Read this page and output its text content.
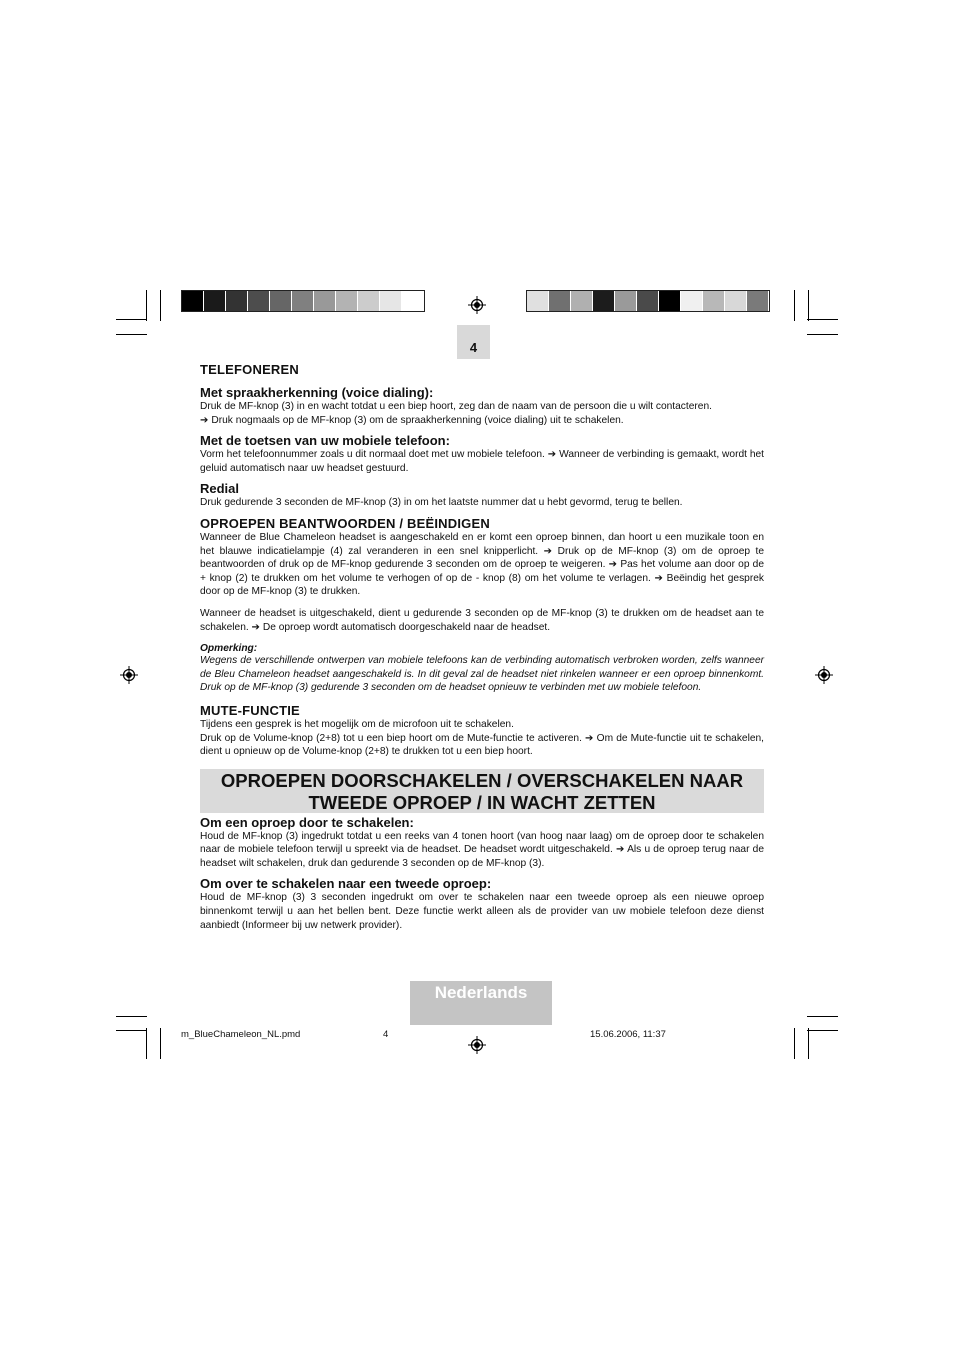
4
TELEFONEREN
Met spraakherkenning (voice dialing):

Druk de MF-knop (3) in en wacht totdat u een biep hoort, zeg dan de naam van de persoon die u wilt contacteren.

➔ Druk nogmaals op de MF-knop (3) om de spraakherkenning (voice dialing) uit te schakelen.

Met de toetsen van uw mobiele telefoon:

Vorm het telefoonnummer zoals u dit normaal doet met uw mobiele telefoon. ➔ Wanneer de verbinding is gemaakt, wordt het geluid automatisch naar uw headset gestuurd.

Redial

Druk gedurende 3 seconden de MF-knop (3) in om het laatste nummer dat u hebt gevormd, terug te bellen.

OPROEPEN BEANTWOORDEN / BEËINDIGEN

Wanneer de Blue Chameleon headset is aangeschakeld en er komt een oproep binnen, dan hoort u een muzikale toon en het blauwe indicatielampje (4) zal veranderen in een snel knipperlicht. ➔ Druk op de MF-knop (3) om de oproep te beantwoorden of druk op de MF-knop gedurende 3 seconden om de oproep te weigeren. ➔ Pas het volume aan door op de + knop (2) te drukken om het volume te verhogen of op de - knop (8) om het volume te verlagen. ➔ Beëindig het gesprek door op de MF-knop (3) te drukken.

Wanneer de headset is uitgeschakeld, dient u gedurende 3 seconden op de MF-knop (3) te drukken om de headset aan te schakelen. ➔ De oproep wordt automatisch doorgeschakeld naar de headset.

Opmerking:

Wegens de verschillende ontwerpen van mobiele telefoons kan de verbinding automatisch verbroken worden, zelfs wanneer de Bleu Chameleon headset aangeschakeld is. In dit geval zal de headset niet rinkelen wanneer er een oproep binnenkomt. Druk op de MF-knop (3) gedurende 3 seconden om de headset opnieuw te verbinden met uw mobiele telefoon.

MUTE-FUNCTIE

Tijdens een gesprek is het mogelijk om de microfoon uit te schakelen.

Druk op de Volume-knop (2+8) tot u een biep hoort om de Mute-functie te activeren. ➔ Om de Mute-functie uit te schakelen, dient u opnieuw op de Volume-knop (2+8) te drukken tot u een biep hoort.

OPROEPEN DOORSCHAKELEN / OVERSCHAKELEN NAAR
TWEEDE OPROEP / IN WACHT ZETTEN
Om een oproep door te schakelen:

Houd de MF-knop (3) ingedrukt totdat u een reeks van 4 tonen hoort (van hoog naar laag) om de oproep door te schakelen naar de mobiele telefoon terwijl u spreekt via de headset. De headset wordt uitgeschakeld. ➔ Als u de oproep terug naar de headset wilt schakelen, druk dan gedurende 3 seconden op de MF-knop (3).

Om over te schakelen naar een tweede oproep:

Houd de MF-knop (3) 3 seconden ingedrukt om over te schakelen naar een tweede oproep als een nieuwe oproep binnenkomt terwijl u aan het bellen bent. Deze functie werkt alleen als de provider van uw mobiele telefoon deze dienst aanbiedt (Informeer bij uw netwerk provider).

Nederlands
m_BlueChameleon_NL.pmd	4	15.06.2006, 11:37
